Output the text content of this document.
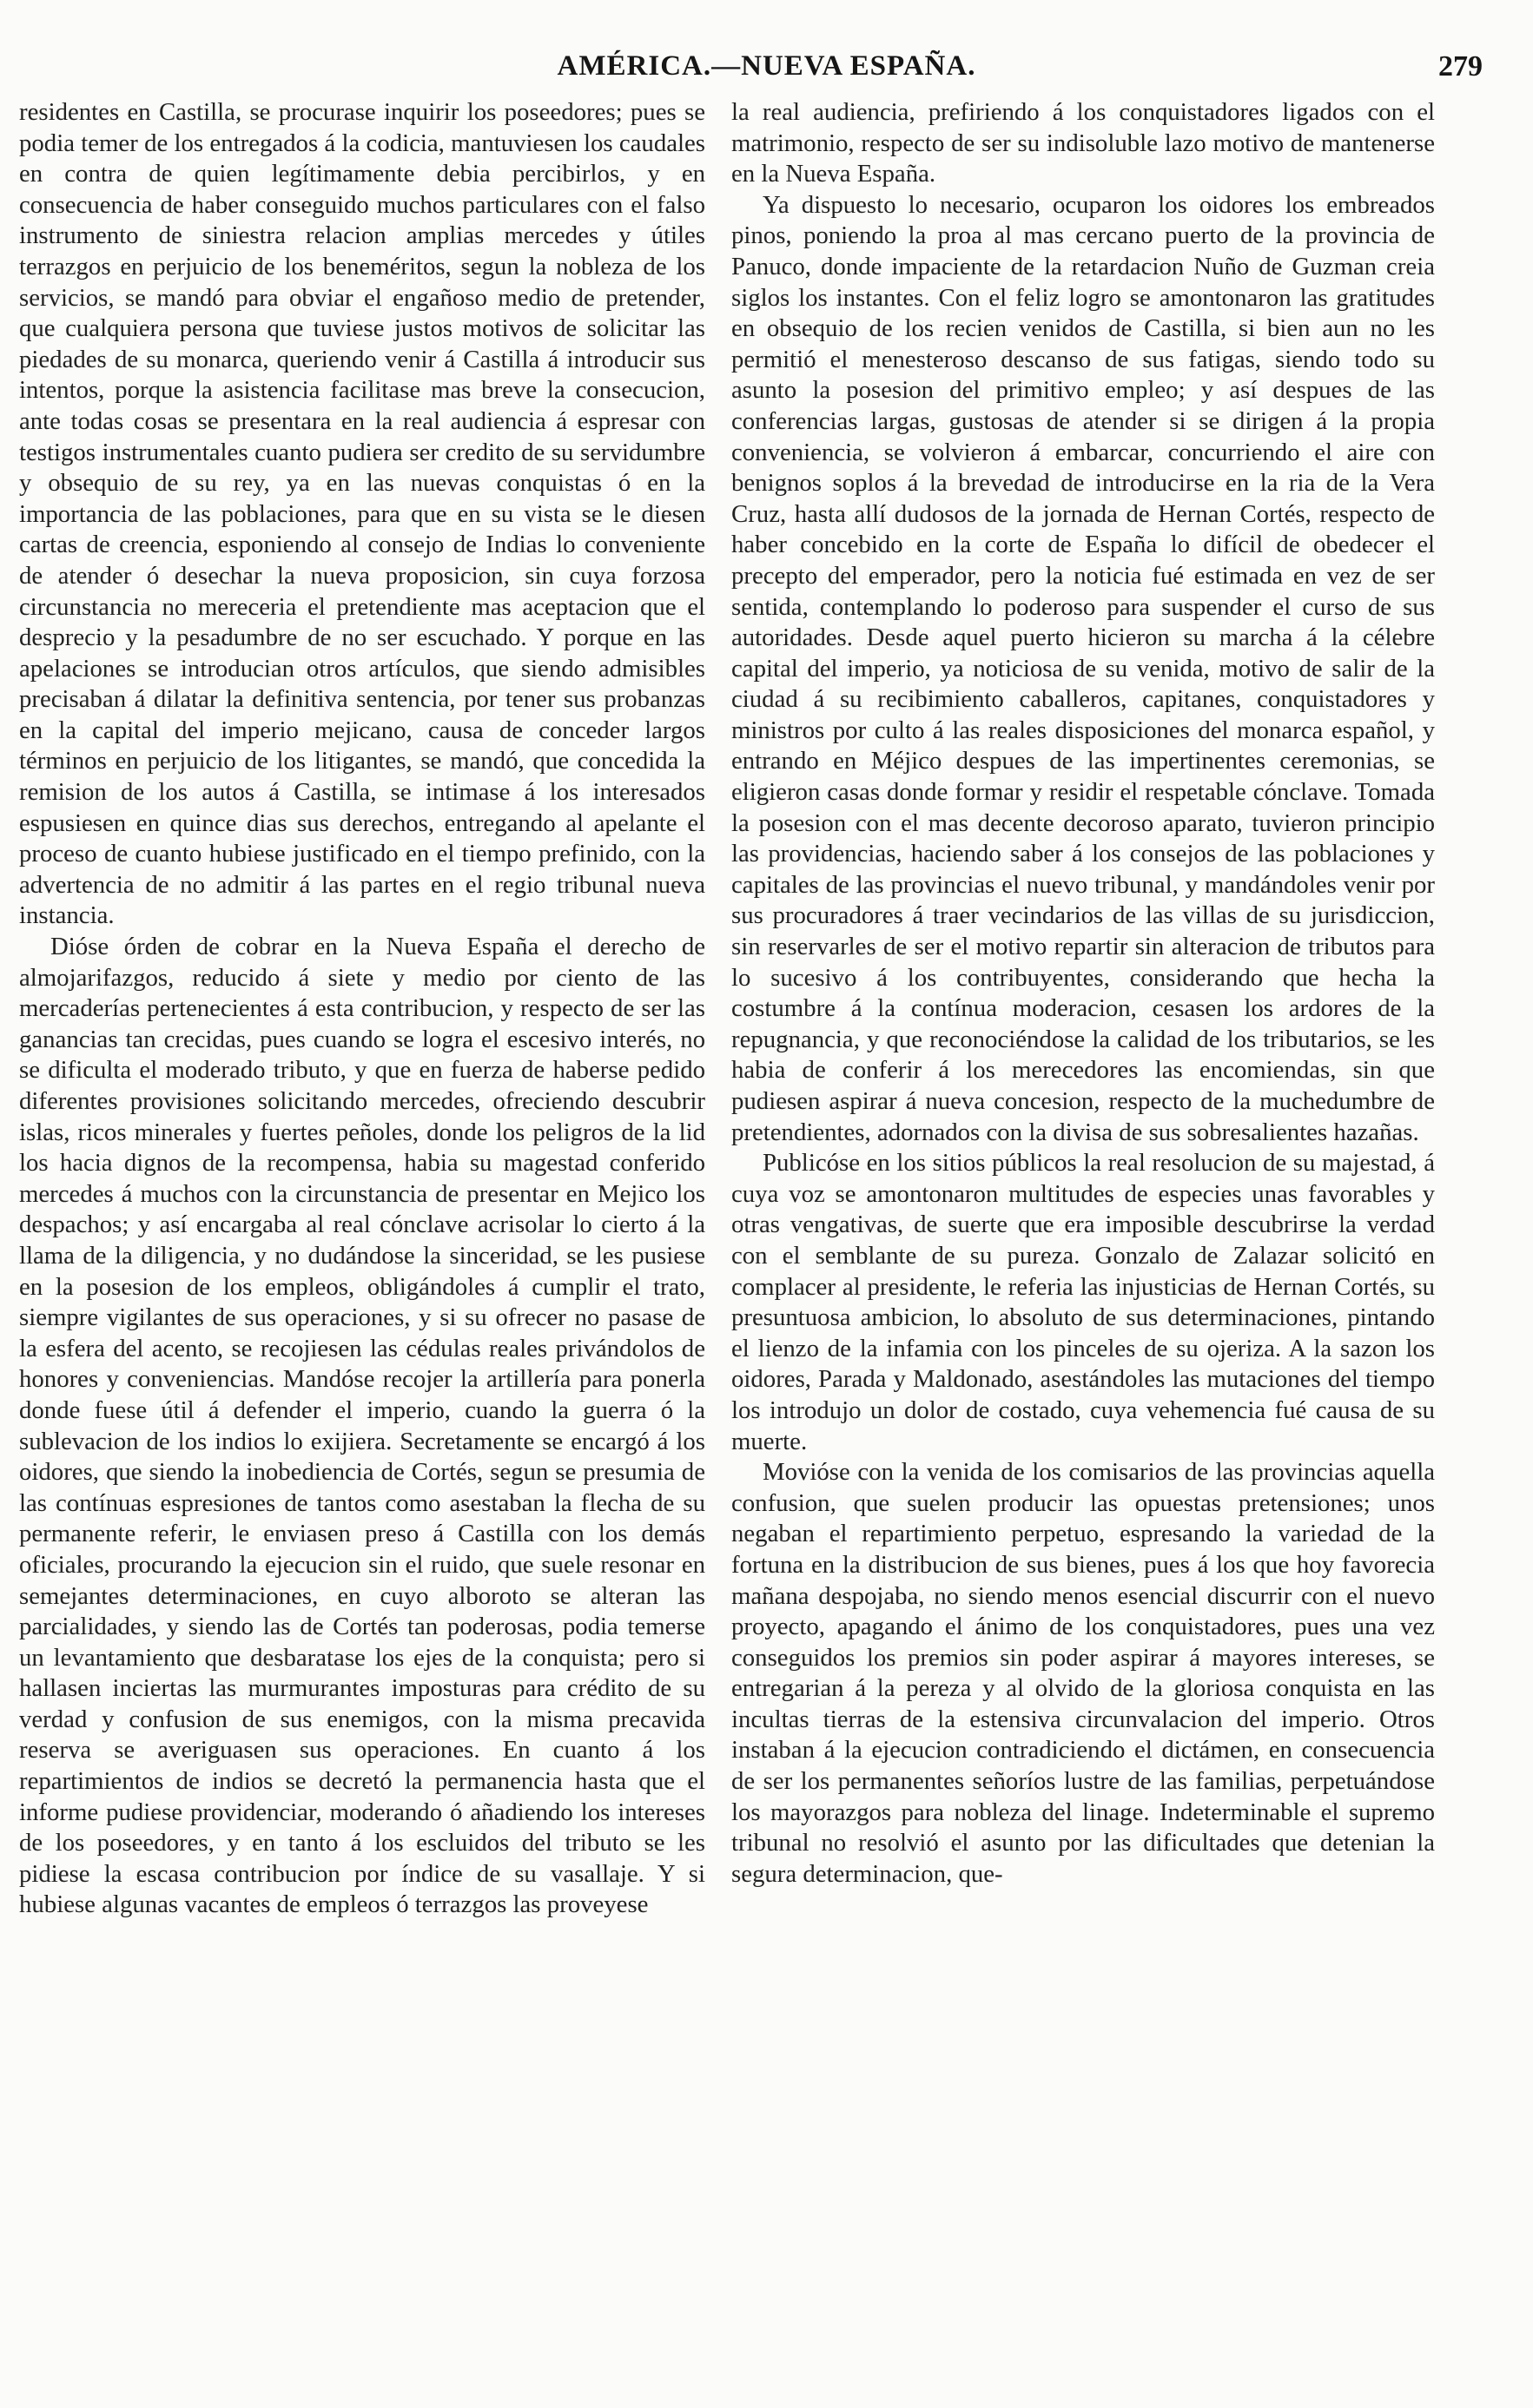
AMÉRICA.—NUEVA ESPAÑA.	279

residentes en Castilla, se procurase inquirir los poseedores; pues se podia temer de los entregados á la codicia, mantuviesen los caudales en contra de quien legítimamente debia percibirlos, y en consecuencia de haber conseguido muchos particulares con el falso instrumento de siniestra relacion amplias mercedes y útiles terrazgos en perjuicio de los beneméritos, segun la nobleza de los servicios, se mandó para obviar el engañoso medio de pretender, que cualquiera persona que tuviese justos motivos de solicitar las piedades de su monarca, queriendo venir á Castilla á introducir sus intentos, porque la asistencia facilitase mas breve la consecucion, ante todas cosas se presentara en la real audiencia á espresar con testigos instrumentales cuanto pudiera ser credito de su servidumbre y obsequio de su rey, ya en las nuevas conquistas ó en la importancia de las poblaciones, para que en su vista se le diesen cartas de creencia, esponiendo al consejo de Indias lo conveniente de atender ó desechar la nueva proposicion, sin cuya forzosa circunstancia no mereceria el pretendiente mas aceptacion que el desprecio y la pesadumbre de no ser escuchado. Y porque en las apelaciones se introducian otros artículos, que siendo admisibles precisaban á dilatar la definitiva sentencia, por tener sus probanzas en la capital del imperio mejicano, causa de conceder largos términos en perjuicio de los litigantes, se mandó, que concedida la remision de los autos á Castilla, se intimase á los interesados espusiesen en quince dias sus derechos, entregando al apelante el proceso de cuanto hubiese justificado en el tiempo prefinido, con la advertencia de no admitir á las partes en el regio tribunal nueva instancia.

Dióse órden de cobrar en la Nueva España el derecho de almojarifazgos, reducido á siete y medio por ciento de las mercaderías pertenecientes á esta contribucion, y respecto de ser las ganancias tan crecidas, pues cuando se logra el escesivo interés, no se dificulta el moderado tributo, y que en fuerza de haberse pedido diferentes provisiones solicitando mercedes, ofreciendo descubrir islas, ricos minerales y fuertes peñoles, donde los peligros de la lid los hacia dignos de la recompensa, habia su magestad conferido mercedes á muchos con la circunstancia de presentar en Mejico los despachos; y así encargaba al real cónclave acrisolar lo cierto á la llama de la diligencia, y no dudándose la sinceridad, se les pusiese en la posesion de los empleos, obligándoles á cumplir el trato, siempre vigilantes de sus operaciones, y si su ofrecer no pasase de la esfera del acento, se recojiesen las cédulas reales privándolos de honores y conveniencias. Mandóse recojer la artillería para ponerla donde fuese útil á defender el imperio, cuando la guerra ó la sublevacion de los indios lo exijiera. Secretamente se encargó á los oidores, que siendo la inobediencia de Cortés, segun se presumia de las contínuas espresiones de tantos como asestaban la flecha de su permanente referir, le enviasen preso á Castilla con los demás oficiales, procurando la ejecucion sin el ruido, que suele resonar en semejantes determinaciones, en cuyo alboroto se alteran las parcialidades, y siendo las de Cortés tan poderosas, podia temerse un levantamiento que desbaratase los ejes de la conquista; pero si hallasen inciertas las murmurantes imposturas para crédito de su verdad y confusion de sus enemigos, con la misma precavida reserva se averiguasen sus operaciones. En cuanto á los repartimientos de indios se decretó la permanencia hasta que el informe pudiese providenciar, moderando ó añadiendo los intereses de los poseedores, y en tanto á los escluidos del tributo se les pidiese la escasa contribucion por índice de su vasallaje. Y si hubiese algunas vacantes de empleos ó terrazgos las proveyese

la real audiencia, prefiriendo á los conquistadores ligados con el matrimonio, respecto de ser su indisoluble lazo motivo de mantenerse en la Nueva España.

Ya dispuesto lo necesario, ocuparon los oidores los embreados pinos, poniendo la proa al mas cercano puerto de la provincia de Panuco, donde impaciente de la retardacion Nuño de Guzman creia siglos los instantes. Con el feliz logro se amontonaron las gratitudes en obsequio de los recien venidos de Castilla, si bien aun no les permitió el menesteroso descanso de sus fatigas, siendo todo su asunto la posesion del primitivo empleo; y así despues de las conferencias largas, gustosas de atender si se dirigen á la propia conveniencia, se volvieron á embarcar, concurriendo el aire con benignos soplos á la brevedad de introducirse en la ria de la Vera Cruz, hasta allí dudosos de la jornada de Hernan Cortés, respecto de haber concebido en la corte de España lo difícil de obedecer el precepto del emperador, pero la noticia fué estimada en vez de ser sentida, contemplando lo poderoso para suspender el curso de sus autoridades. Desde aquel puerto hicieron su marcha á la célebre capital del imperio, ya noticiosa de su venida, motivo de salir de la ciudad á su recibimiento caballeros, capitanes, conquistadores y ministros por culto á las reales disposiciones del monarca español, y entrando en Méjico despues de las impertinentes ceremonias, se eligieron casas donde formar y residir el respetable cónclave. Tomada la posesion con el mas decente decoroso aparato, tuvieron principio las providencias, haciendo saber á los consejos de las poblaciones y capitales de las provincias el nuevo tribunal, y mandándoles venir por sus procuradores á traer vecindarios de las villas de su jurisdiccion, sin reservarles de ser el motivo repartir sin alteracion de tributos para lo sucesivo á los contribuyentes, considerando que hecha la costumbre á la contínua moderacion, cesasen los ardores de la repugnancia, y que reconociéndose la calidad de los tributarios, se les habia de conferir á los merecedores las encomiendas, sin que pudiesen aspirar á nueva concesion, respecto de la muchedumbre de pretendientes, adornados con la divisa de sus sobresalientes hazañas.

Publicóse en los sitios públicos la real resolucion de su majestad, á cuya voz se amontonaron multitudes de especies unas favorables y otras vengativas, de suerte que era imposible descubrirse la verdad con el semblante de su pureza. Gonzalo de Zalazar solicitó en complacer al presidente, le referia las injusticias de Hernan Cortés, su presuntuosa ambicion, lo absoluto de sus determinaciones, pintando el lienzo de la infamia con los pinceles de su ojeriza. A la sazon los oidores, Parada y Maldonado, asestándoles las mutaciones del tiempo los introdujo un dolor de costado, cuya vehemencia fué causa de su muerte.

Movióse con la venida de los comisarios de las provincias aquella confusion, que suelen producir las opuestas pretensiones; unos negaban el repartimiento perpetuo, espresando la variedad de la fortuna en la distribucion de sus bienes, pues á los que hoy favorecia mañana despojaba, no siendo menos esencial discurrir con el nuevo proyecto, apagando el ánimo de los conquistadores, pues una vez conseguidos los premios sin poder aspirar á mayores intereses, se entregarian á la pereza y al olvido de la gloriosa conquista en las incultas tierras de la estensiva circunvalacion del imperio. Otros instaban á la ejecucion contradiciendo el dictámen, en consecuencia de ser los permanentes señoríos lustre de las familias, perpetuándose los mayorazgos para nobleza del linage. Indeterminable el supremo tribunal no resolvió el asunto por las dificultades que detenian la segura determinacion, que-
